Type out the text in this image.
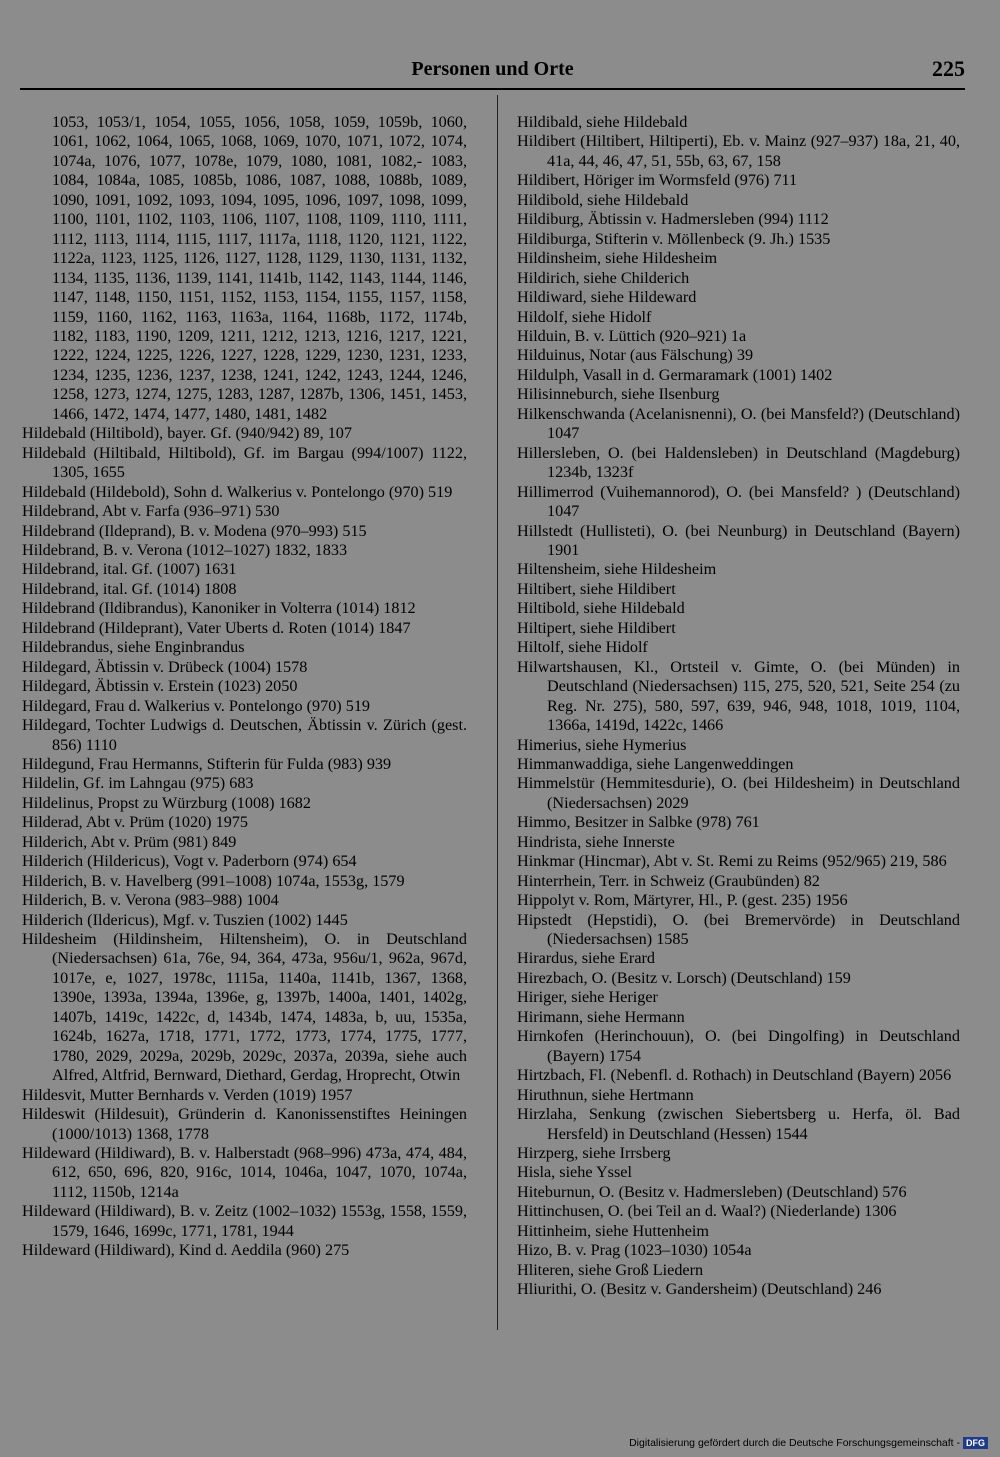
Personen und Orte	225

1053, 1053/1, 1054, 1055, 1056, 1058, 1059, 1059b, 1060, 1061, 1062, 1064, 1065, 1068, 1069, 1070, 1071, 1072, 1074, 1074a, 1076, 1077, 1078e, 1079, 1080, 1081, 1082,- 1083, 1084, 1084a, 1085, 1085b, 1086, 1087, 1088, 1088b, 1089, 1090, 1091, 1092, 1093, 1094, 1095, 1096, 1097, 1098, 1099, 1100, 1101, 1102, 1103, 1106, 1107, 1108, 1109, 1110, 1111, 1112, 1113, 1114, 1115, 1117, 1117a, 1118, 1120, 1121, 1122, 1122a, 1123, 1125, 1126, 1127, 1128, 1129, 1130, 1131, 1132, 1134, 1135, 1136, 1139, 1141, 1141b, 1142, 1143, 1144, 1146, 1147, 1148, 1150, 1151, 1152, 1153, 1154, 1155, 1157, 1158, 1159, 1160, 1162, 1163, 1163a, 1164, 1168b, 1172, 1174b, 1182, 1183, 1190, 1209, 1211, 1212, 1213, 1216, 1217, 1221, 1222, 1224, 1225, 1226, 1227, 1228, 1229, 1230, 1231, 1233, 1234, 1235, 1236, 1237, 1238, 1241, 1242, 1243, 1244, 1246, 1258, 1273, 1274, 1275, 1283, 1287, 1287b, 1306, 1451, 1453, 1466, 1472, 1474, 1477, 1480, 1481, 1482

Hildebald (Hiltibold), bayer. Gf. (940/942) 89, 107

Hildebald (Hiltibald, Hiltibold), Gf. im Bargau (994/1007) 1122, 1305, 1655

Hildebald (Hildebold), Sohn d. Walkerius v. Pontelongo (970) 519

Hildebrand, Abt v. Farfa (936–971) 530

Hildebrand (Ildeprand), B. v. Modena (970–993) 515

Hildebrand, B. v. Verona (1012–1027) 1832, 1833

Hildebrand, ital. Gf. (1007) 1631

Hildebrand, ital. Gf. (1014) 1808

Hildebrand (Ildibrandus), Kanoniker in Volterra (1014) 1812

Hildebrand (Hildeprant), Vater Uberts d. Roten (1014) 1847

Hildebrandus, siehe Enginbrandus

Hildegard, Äbtissin v. Drübeck (1004) 1578

Hildegard, Äbtissin v. Erstein (1023) 2050

Hildegard, Frau d. Walkerius v. Pontelongo (970) 519

Hildegard, Tochter Ludwigs d. Deutschen, Äbtissin v. Zürich (gest. 856) 1110

Hildegund, Frau Hermanns, Stifterin für Fulda (983) 939

Hildelin, Gf. im Lahngau (975) 683

Hildelinus, Propst zu Würzburg (1008) 1682

Hilderad, Abt v. Prüm (1020) 1975

Hilderich, Abt v. Prüm (981) 849

Hilderich (Hildericus), Vogt v. Paderborn (974) 654

Hilderich, B. v. Havelberg (991–1008) 1074a, 1553g, 1579

Hilderich, B. v. Verona (983–988) 1004

Hilderich (Ildericus), Mgf. v. Tuszien (1002) 1445

Hildesheim (Hildinsheim, Hiltensheim), O. in Deutschland (Niedersachsen) 61a, 76e, 94, 364, 473a, 956u/1, 962a, 967d, 1017e, e, 1027, 1978c, 1115a, 1140a, 1141b, 1367, 1368, 1390e, 1393a, 1394a, 1396e, g, 1397b, 1400a, 1401, 1402g, 1407b, 1419c, 1422c, d, 1434b, 1474, 1483a, b, uu, 1535a, 1624b, 1627a, 1718, 1771, 1772, 1773, 1774, 1775, 1777, 1780, 2029, 2029a, 2029b, 2029c, 2037a, 2039a, siehe auch Alfred, Altfrid, Bernward, Diethard, Gerdag, Hroprecht, Otwin

Hildesvit, Mutter Bernhards v. Verden (1019) 1957

Hildeswit (Hildesuit), Gründerin d. Kanonissenstiftes Heiningen (1000/1013) 1368, 1778

Hildeward (Hildiward), B. v. Halberstadt (968–996) 473a, 474, 484, 612, 650, 696, 820, 916c, 1014, 1046a, 1047, 1070, 1074a, 1112, 1150b, 1214a

Hildeward (Hildiward), B. v. Zeitz (1002–1032) 1553g, 1558, 1559, 1579, 1646, 1699c, 1771, 1781, 1944

Hildeward (Hildiward), Kind d. Aeddila (960) 275

Hildibald, siehe Hildebald

Hildibert (Hiltibert, Hiltiperti), Eb. v. Mainz (927–937) 18a, 21, 40, 41a, 44, 46, 47, 51, 55b, 63, 67, 158

Hildibert, Höriger im Wormsfeld (976) 711

Hildibold, siehe Hildebald

Hildiburg, Äbtissin v. Hadmersleben (994) 1112

Hildiburga, Stifterin v. Möllenbeck (9. Jh.) 1535

Hildinsheim, siehe Hildesheim

Hildirich, siehe Childerich

Hildiward, siehe Hildeward

Hildolf, siehe Hidolf

Hilduin, B. v. Lüttich (920–921) 1a

Hilduinus, Notar (aus Fälschung) 39

Hildulph, Vasall in d. Germaramark (1001) 1402

Hilisinneburch, siehe Ilsenburg

Hilkenschwanda (Acelanisnenni), O. (bei Mansfeld?) (Deutschland) 1047

Hillersleben, O. (bei Haldensleben) in Deutschland (Magdeburg) 1234b, 1323f

Hillimerrod (Vuihemannorod), O. (bei Mansfeld? ) (Deutschland) 1047

Hillstedt (Hullisteti), O. (bei Neunburg) in Deutschland (Bayern) 1901

Hiltensheim, siehe Hildesheim

Hiltibert, siehe Hildibert

Hiltibold, siehe Hildebald

Hiltipert, siehe Hildibert

Hiltolf, siehe Hidolf

Hilwartshausen, Kl., Ortsteil v. Gimte, O. (bei Münden) in Deutschland (Niedersachsen) 115, 275, 520, 521, Seite 254 (zu Reg. Nr. 275), 580, 597, 639, 946, 948, 1018, 1019, 1104, 1366a, 1419d, 1422c, 1466

Himerius, siehe Hymerius

Himmanwaddiga, siehe Langenweddingen

Himmelstür (Hemmitesdurie), O. (bei Hildesheim) in Deutschland (Niedersachsen) 2029

Himmo, Besitzer in Salbke (978) 761

Hindrista, siehe Innerste

Hinkmar (Hincmar), Abt v. St. Remi zu Reims (952/965) 219, 586

Hinterrhein, Terr. in Schweiz (Graubünden) 82

Hippolyt v. Rom, Märtyrer, Hl., P. (gest. 235) 1956

Hipstedt (Hepstidi), O. (bei Bremervörde) in Deutschland (Niedersachsen) 1585

Hirardus, siehe Erard

Hirezbach, O. (Besitz v. Lorsch) (Deutschland) 159

Hiriger, siehe Heriger

Hirimann, siehe Hermann

Hirnkofen (Herinchouun), O. (bei Dingolfing) in Deutschland (Bayern) 1754

Hirtzbach, Fl. (Nebenfl. d. Rothach) in Deutschland (Bayern) 2056

Hiruthnun, siehe Hertmann

Hirzlaha, Senkung (zwischen Siebertsberg u. Herfa, öl. Bad Hersfeld) in Deutschland (Hessen) 1544

Hirzperg, siehe Irrsberg

Hisla, siehe Yssel

Hiteburnun, O. (Besitz v. Hadmersleben) (Deutschland) 576

Hittinchusen, O. (bei Teil an d. Waal?) (Niederlande) 1306

Hittinheim, siehe Huttenheim

Hizo, B. v. Prag (1023–1030) 1054a

Hliteren, siehe Groß Liedern

Hliurithi, O. (Besitz v. Gandersheim) (Deutschland) 246

Digitalisierung gefördert durch die Deutsche Forschungsgemeinschaft - DFG
